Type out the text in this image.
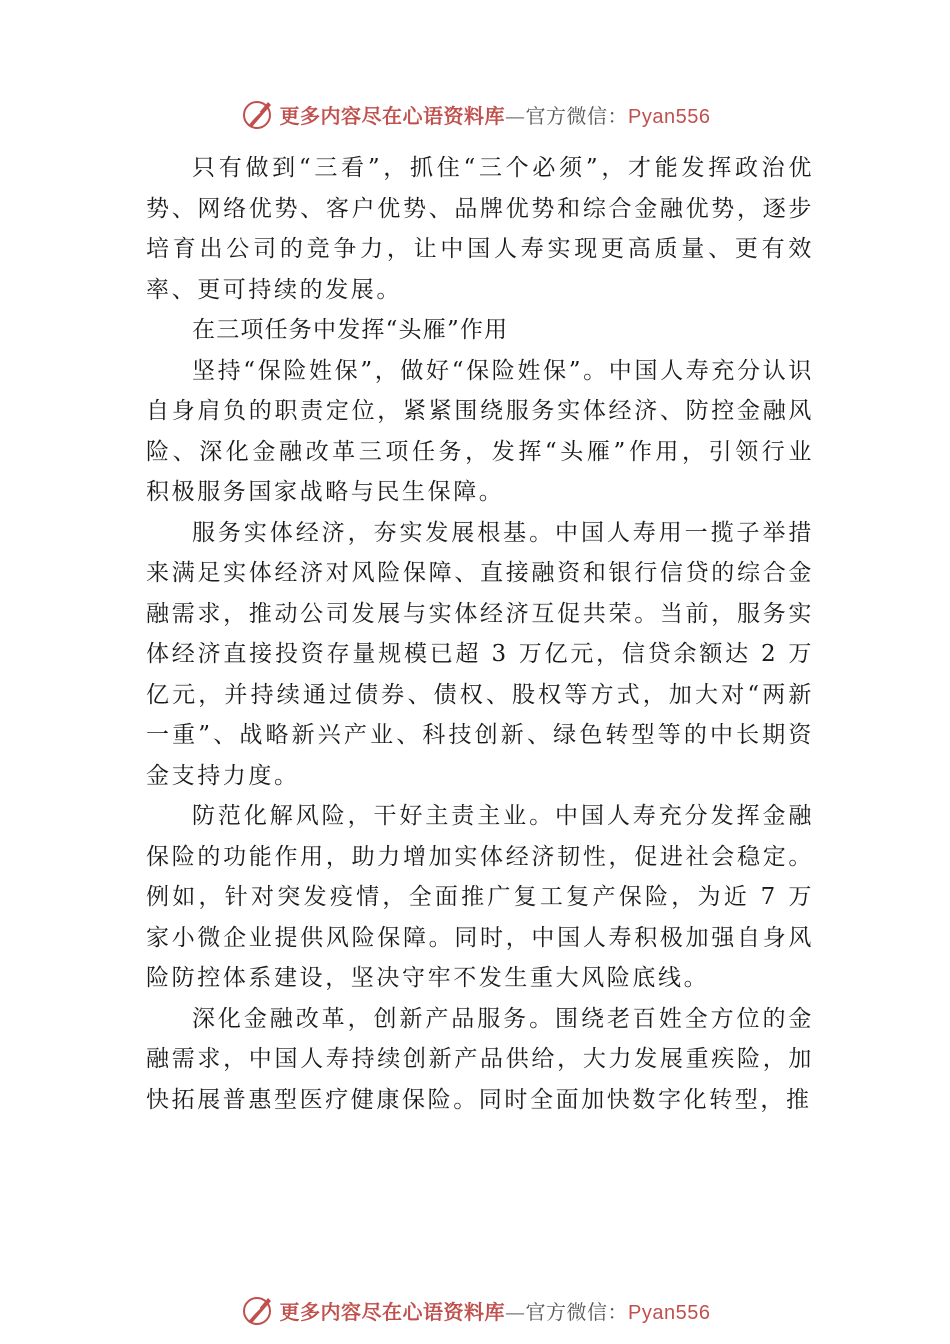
更多内容尽在心语资料库—官方微信：Pyan556

只有做到“三看”，抓住“三个必须”，才能发挥政治优势、网络优势、客户优势、品牌优势和综合金融优势，逐步培育出公司的竞争力，让中国人寿实现更高质量、更有效率、更可持续的发展。

在三项任务中发挥“头雁”作用

坚持“保险姓保”，做好“保险姓保”。中国人寿充分认识自身肩负的职责定位，紧紧围绕服务实体经济、防控金融风险、深化金融改革三项任务，发挥“头雁”作用，引领行业积极服务国家战略与民生保障。

服务实体经济，夯实发展根基。中国人寿用一揽子举措来满足实体经济对风险保障、直接融资和银行信贷的综合金融需求，推动公司发展与实体经济互促共荣。当前，服务实体经济直接投资存量规模已超 3 万亿元，信贷余额达 2 万亿元，并持续通过债券、债权、股权等方式，加大对“两新一重”、战略新兴产业、科技创新、绿色转型等的中长期资金支持力度。

防范化解风险，干好主责主业。中国人寿充分发挥金融保险的功能作用，助力增加实体经济韧性，促进社会稳定。 例如，针对突发疫情，全面推广复工复产保险，为近 7 万家小微企业提供风险保障。同时，中国人寿积极加强自身风险防控体系建设，坚决守牢不发生重大风险底线。

深化金融改革，创新产品服务。围绕老百姓全方位的金融需求，中国人寿持续创新产品供给，大力发展重疾险，加快拓展普惠型医疗健康保险。同时全面加快数字化转型，推

更多内容尽在心语资料库—官方微信：Pyan556
